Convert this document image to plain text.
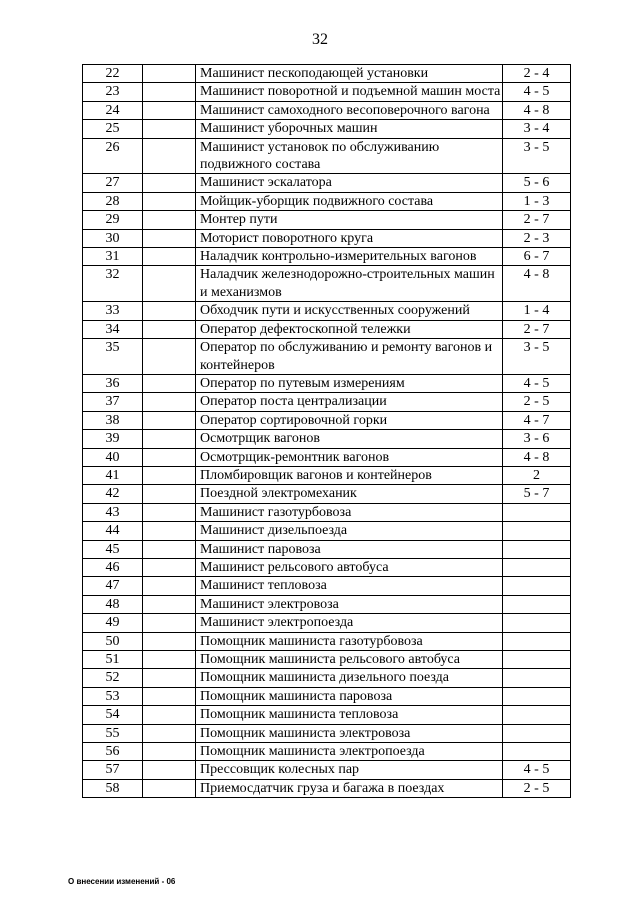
32
22		Машинист пескоподающей установки	2 - 4
23		Машинист поворотной и подъемной машин моста	4 - 5
24		Машинист самоходного весоповерочного вагона	4 - 8
25		Машинист уборочных машин	3 - 4
26		Машинист установок по обслуживанию подвижного состава	3 - 5
27		Машинист эскалатора	5 - 6
28		Мойщик-уборщик подвижного состава	1 - 3
29		Монтер пути	2 - 7
30		Моторист поворотного круга	2 - 3
31		Наладчик контрольно-измерительных вагонов	6 - 7
32		Наладчик железнодорожно-строительных машин и механизмов	4 - 8
33		Обходчик пути и искусственных сооружений	1 - 4
34		Оператор дефектоскопной тележки	2 - 7
35		Оператор по обслуживанию и ремонту вагонов и контейнеров	3 - 5
36		Оператор по путевым измерениям	4 - 5
37		Оператор поста централизации	2 - 5
38		Оператор сортировочной горки	4 - 7
39		Осмотрщик вагонов	3 - 6
40		Осмотрщик-ремонтник вагонов	4 - 8
41		Пломбировщик вагонов и контейнеров	2
42		Поездной электромеханик	5 - 7
43		Машинист газотурбовоза	
44		Машинист дизельпоезда	
45		Машинист паровоза	
46		Машинист рельсового автобуса	
47		Машинист тепловоза	
48		Машинист электровоза	
49		Машинист электропоезда	
50		Помощник машиниста газотурбовоза	
51		Помощник машиниста рельсового автобуса	
52		Помощник машиниста дизельного поезда	
53		Помощник машиниста паровоза	
54		Помощник машиниста тепловоза	
55		Помощник машиниста электровоза	
56		Помощник машиниста электропоезда	
57		Прессовщик колесных пар	4 - 5
58		Приемосдатчик груза и багажа в поездах	2 - 5
О внесении изменений - 06
